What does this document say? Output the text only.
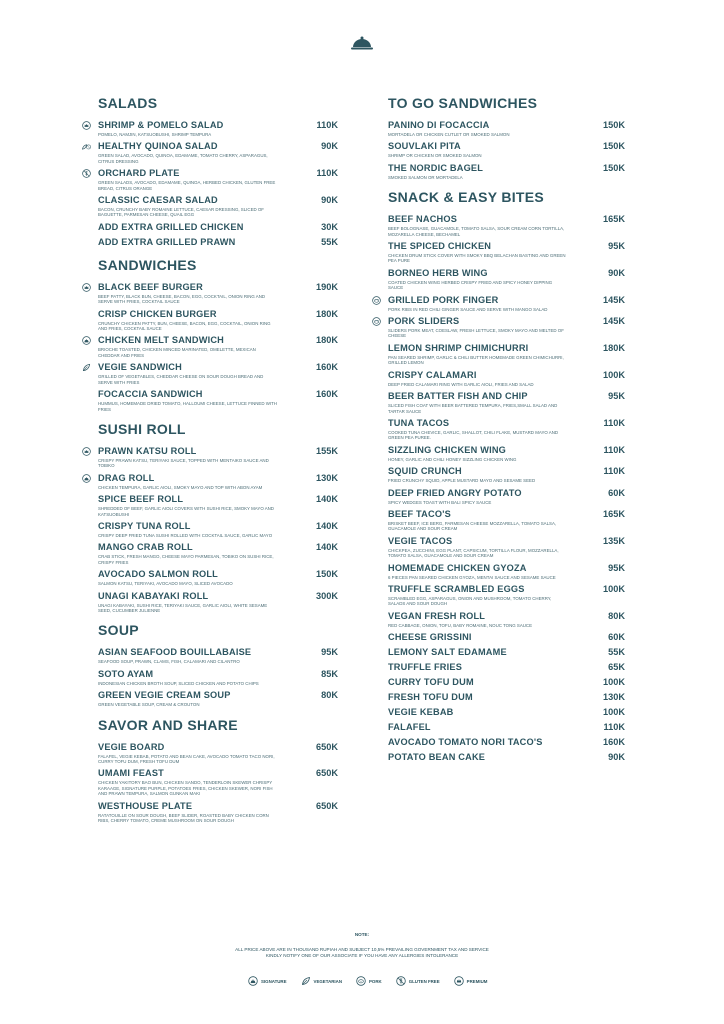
SALADS
SHRIMP & POMELO SALAD	110K
POMELO, NAMJIN, KATSUOBUSHI, SHRIMP TEMPURA
HEALTHY QUINOA SALAD	90K
GREEN SALAD, AVOCADO, QUINOA, EDAMAME, TOMATO CHERRY, ASPARAGUS, CITRUS DRESSING
ORCHARD PLATE	110K
GREEN SALADS, AVOCADO, EDAMAME, QUINOA, HERBED CHICKEN, GLUTEN FREE BREAD, CITRUS ORANGE
CLASSIC CAESAR SALAD	90K
BACON, CRUNCHY BABY ROMAINE LETTUCE, CAESAR DRESSING, SLICED OF BAGUETTE, PARMESAN CHEESE, QUAIL EGG
ADD EXTRA GRILLED CHICKEN	30K
ADD EXTRA GRILLED PRAWN	55K
SANDWICHES
BLACK BEEF BURGER	190K
BEEF PATTY, BLACK BUN, CHEESE, BACON, EGG, COCKTAIL, ONION RING AND SERVE WITH FRIES, COCKTAIL SAUCE
CRISP CHICKEN BURGER	180K
CRUNCHY CHICKEN PATTY, BUN, CHEESE, BACON, EGG, COCKTAIL, ONION RING AND FRIES, COCKTAIL SAUCE
CHICKEN MELT SANDWICH	180K
BRIOCHE TOASTED, CHICKEN MINCED MARINATED, OMELETTE, MEXICAN CHEDDAR AND FRIES
VEGIE SANDWICH	160K
GRILLED OF VEGETABLES, CHEDDAR CHEESE ON SOUR DOUGH BREAD AND SERVE WITH FRIES
FOCACCIA SANDWICH	160K
HUMMUS, HOMEMADE DRIED TOMATO, HALLOUMI CHEESE, LETTUCE FINNED WITH FRIES
SUSHI ROLL
PRAWN KATSU ROLL	155K
CRISPY PRAWN KATSU, TERIYAKI SAUCE, TOPPED WITH MENTAIKO SAUCE AND TOBIKO
DRAG ROLL	130K
CHICKEN TEMPURA, GARLIC AIOLI, SMOKY MAYO AND TOP WITH ABON AYAM
SPICE BEEF ROLL	140K
SHREDDED OF BEEF, GARLIC AIOLI COVERS WITH SUSHI RICE, SMOKY MAYO AND KATSUOBUSHI
CRISPY TUNA ROLL	140K
CRISPY DEEP FRIED TUNA SUSHI ROLLED WITH COCKTAIL SAUCE, GARLIC MAYO
MANGO CRAB ROLL	140K
CRAB STICK, FRESH MANGO, CHEESE MAYO PARMESAN, TOBIKO ON SUSHI RICE, CRISPY FRIES
AVOCADO SALMON ROLL	150K
SALMON KATSU, TERIYAKI, AVOCADO MAYO, SLICED AVOCADO
UNAGI KABAYAKI ROLL	300K
UNAGI KABAYAKI, SUSHI RICE, TERIYAKI SAUCE, GARLIC AIOLI, WHITE SESAME SEED, CUCUMBER JULIENNE
SOUP
ASIAN SEAFOOD BOUILLABAISE	95K
SEAFOOD SOUP, PRAWN, CLAMS, FISH, CALAMARI AND CILANTRO
SOTO AYAM	85K
INDONESIAN CHICKEN BROTH SOUP, SLICED CHICKEN AND POTATO CHIPS
GREEN VEGIE CREAM SOUP	80K
GREEN VEGETABLE SOUP, CREAM & CROUTON
SAVOR AND SHARE
VEGIE BOARD	650K
FALAFEL, VEGIE KEBAB, POTATO AND BEAN CAKE, AVOCADO TOMATO TACO NORI, CURRY TOFU DUM, FRESH TOFU DUM
UMAMI FEAST	650K
CHICKEN YAKITORY BAO BUN, CHICKEN SANDO, TENDERLOIN SKEWER CHRISPY KARAAGE, SIGNATURE PURPLE, POTATOES FRIES, CHICKEN SKEWER, NORI FISH AND PRAWN TEMPURA, SALMON GUNKAN MAKI
WESTHOUSE PLATE	650K
RATATOUILLE ON SOUR DOUGH, BEEF SLIDER, ROASTED BABY CHICKEN CORN RIBS, CHERRY TOMATO, CREME MUSHROOM ON SOUR DOUGH
TO GO SANDWICHES
PANINO DI FOCACCIA	150K
MORTADELA OR CHICKEN CUTLET OR SMOKED SALMON
SOUVLAKI PITA	150K
SHRIMP OR CHICKEN OR SMOKED SALMON
THE NORDIC BAGEL	150K
SMOKED SALMON OR MORTADELA
SNACK & EASY BITES
BEEF NACHOS	165K
BEEF BOLOGNASE, GUACAMOLE, TOMATO SALSA, SOUR CREAM CORN TORTILLA, MOZARELLA CHEESE, BECHAMEL
THE SPICED CHICKEN	95K
CHICKEN DRUM STICK COVER WITH SMOKY BBQ BELACHAN BASTING AND GREEN PEA PURE
BORNEO HERB WING	90K
COATED CHICKEN WING HERBED CRISPY FRIED AND SPICY HONEY DIPPING SAUCE
GRILLED PORK FINGER	145K
PORK RIBS IN RED CHILI GINGER SAUCE AND SERVE WITH MANGO SALAD
PORK SLIDERS	145K
SLIDERS PORK MEAT, COESLAW, FRESH LETTUCE, SMOKY MAYO AND MELTED OF CHEESE
LEMON SHRIMP CHIMICHURRI	180K
PAN SEARED SHRIMP, GARLIC & CHILI BUTTER HOMEMADE GREEN CHIMICHURRI, GRILLED LEMON
CRISPY CALAMARI	100K
DEEP FRIED CALAMARI RING WITH GARLIC AIOLI, FRIES AND SALAD
BEER BATTER FISH AND CHIP	95K
SLICED FISH COAT WITH BEER BATTERED TEMPURA, FRIES,SMALL SALAD AND TARTAR SAUCE
TUNA TACOS	110K
COOKED TUNA CHEVICE, GARLIC, SHALLOT, CHILI FLAKE, MUSTARD MAYO AND GREEN PEA PUREE.
SIZZLING CHICKEN WING	110K
HONEY, GARLIC AND CHILI HONEY SIZZLING CHICKEN WING
SQUID CRUNCH	110K
FRIED CRUNCHY SQUID, APPLE MUSTARD MAYO AND SESAME SEED
DEEP FRIED ANGRY POTATO	60K
SPICY WEDGES TOAST WITH BALI SPICY SAUCE
BEEF TACO'S	165K
BRISKET BEEF, ICE BERG, PARMESAN CHEESE MOZZARELLA, TOMATO SALSA, GUACAMOLE AND SOUR CREAM
VEGIE TACOS	135K
CHICKPEA, ZUCCHINI, EGG PLANT, CAPSICUM, TORTILLA FLOUR, MOZZARELLA, TOMATO SALSA, GUACAMOLE AND SOUR CREAM
HOMEMADE CHICKEN GYOZA	95K
6 PIECES PAN SEARED CHICKEN GYOZA, MENTAI SAUCE AND SESAME SAUCE
TRUFFLE SCRAMBLED EGGS	100K
SCRAMBLED EGG, ASPARAGUS, ONION AND MUSHROOM, TOMATO CHERRY, SALADS AND SOUR DOUGH
VEGAN FRESH ROLL	80K
RED CABBAGE, ONION, TOFU, BABY ROMAINE, NOUC TONG SAUCE
CHEESE GRISSINI	60K
LEMONY SALT EDAMAME	55K
TRUFFLE FRIES	65K
CURRY TOFU DUM	100K
FRESH TOFU DUM	130K
VEGIE KEBAB	100K
FALAFEL	110K
AVOCADO TOMATO NORI TACO'S	160K
POTATO BEAN CAKE	90K
NOTE:
ALL PRICE ABOVE ARE IN THOUSAND RUPIAH AND SUBJECT 10,5% PREVAILING GOVERNMENT TAX AND SERVICE
KINDLY NOTIFY ONE OF OUR ASSOCIATE IF YOU HAVE ANY ALLERGIES INTOLERANCE
SIGNATURE	VEGETARIAN	PORK	GLUTEN FREE	PREMIUM
